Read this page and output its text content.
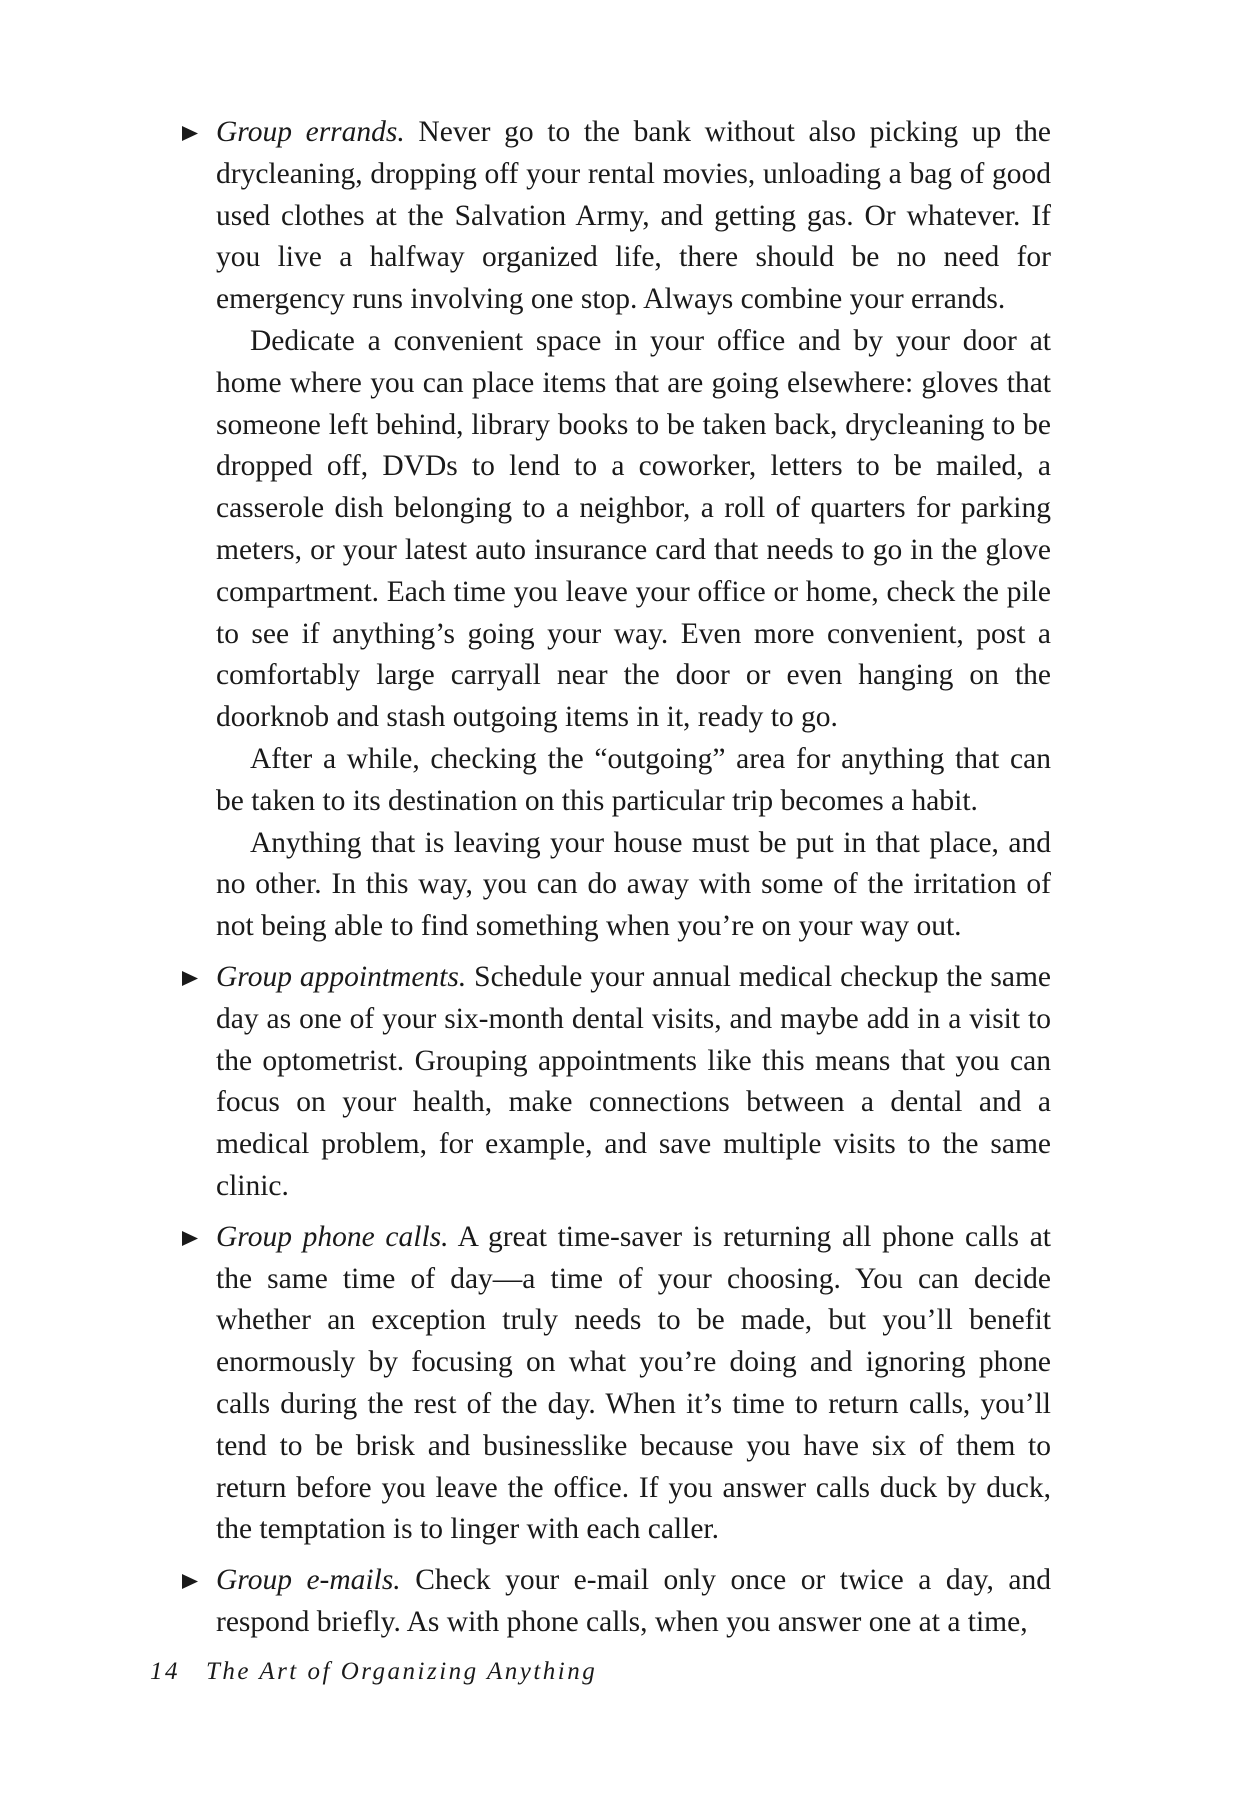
Group errands. Never go to the bank without also picking up the drycleaning, dropping off your rental movies, unloading a bag of good used clothes at the Salvation Army, and getting gas. Or whatever. If you live a halfway organized life, there should be no need for emergency runs involving one stop. Always combine your errands.

Dedicate a convenient space in your office and by your door at home where you can place items that are going elsewhere: gloves that someone left behind, library books to be taken back, drycleaning to be dropped off, DVDs to lend to a coworker, letters to be mailed, a casserole dish belonging to a neighbor, a roll of quarters for parking meters, or your latest auto insurance card that needs to go in the glove compartment. Each time you leave your office or home, check the pile to see if anything’s going your way. Even more convenient, post a comfortably large carryall near the door or even hanging on the doorknob and stash outgoing items in it, ready to go.

After a while, checking the “outgoing” area for anything that can be taken to its destination on this particular trip becomes a habit.

Anything that is leaving your house must be put in that place, and no other. In this way, you can do away with some of the irritation of not being able to find something when you’re on your way out.

Group appointments. Schedule your annual medical checkup the same day as one of your six-month dental visits, and maybe add in a visit to the optometrist. Grouping appointments like this means that you can focus on your health, make connections between a dental and a medical problem, for example, and save multiple visits to the same clinic.

Group phone calls. A great time-saver is returning all phone calls at the same time of day—a time of your choosing. You can decide whether an exception truly needs to be made, but you’ll benefit enormously by focusing on what you’re doing and ignoring phone calls during the rest of the day. When it’s time to return calls, you’ll tend to be brisk and businesslike because you have six of them to return before you leave the office. If you answer calls duck by duck, the temptation is to linger with each caller.

Group e-mails. Check your e-mail only once or twice a day, and respond briefly. As with phone calls, when you answer one at a time,

14 The Art of Organizing Anything
